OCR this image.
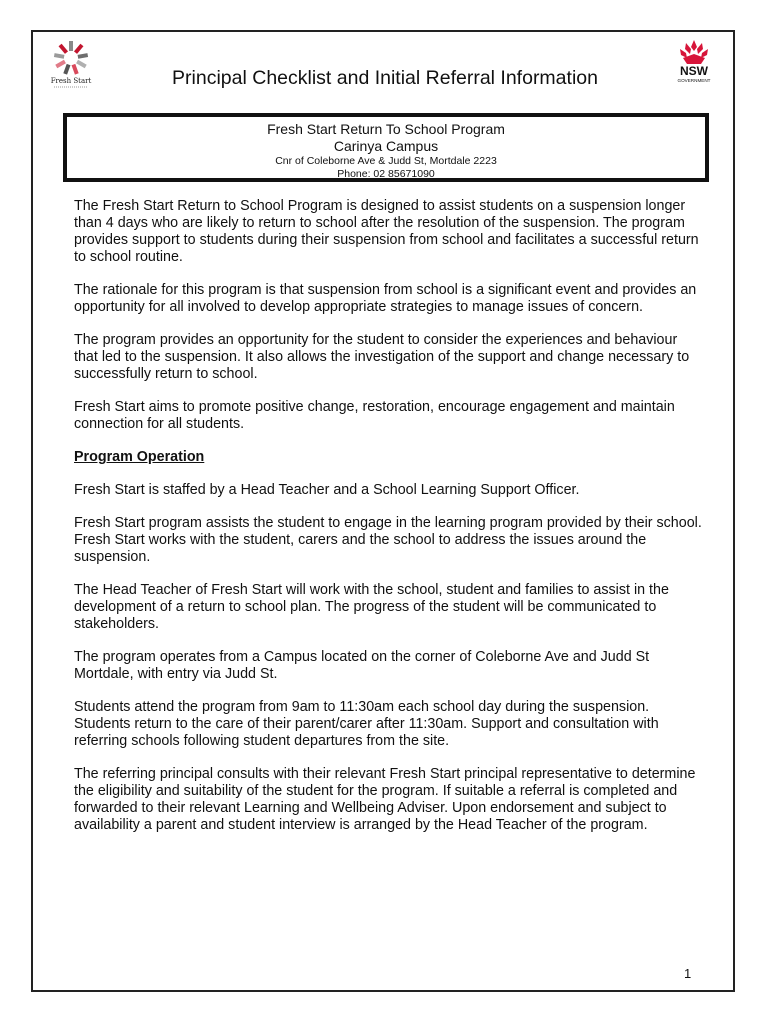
Fresh Start
NSW
GOVERNMENT
Principal Checklist and Initial Referral Information
Fresh Start Return To School Program
Carinya Campus
Cnr of Coleborne Ave & Judd St, Mortdale 2223
Phone: 02 85671090

The Fresh Start Return to School Program is designed to assist students on a suspension longer than 4 days who are likely to return to school after the resolution of the suspension. The program provides support to students during their suspension from school and facilitates a successful return to school routine.

The rationale for this program is that suspension from school is a significant event and provides an opportunity for all involved to develop appropriate strategies to manage issues of concern.

The program provides an opportunity for the student to consider the experiences and behaviour that led to the suspension. It also allows the investigation of the support and change necessary to successfully return to school.

Fresh Start aims to promote positive change, restoration, encourage engagement and maintain connection for all students.

Program Operation

Fresh Start is staffed by a Head Teacher and a School Learning Support Officer.

Fresh Start program assists the student to engage in the learning program provided by their school. Fresh Start works with the student, carers and the school to address the issues around the suspension.

The Head Teacher of Fresh Start will work with the school, student and families to assist in the development of a return to school plan. The progress of the student will be communicated to stakeholders.

The program operates from a Campus located on the corner of Coleborne Ave and Judd St Mortdale, with entry via Judd St.

Students attend the program from 9am to 11:30am each school day during the suspension. Students return to the care of their parent/carer after 11:30am. Support and consultation with referring schools following student departures from the site.

The referring principal consults with their relevant Fresh Start principal representative to determine the eligibility and suitability of the student for the program. If suitable a referral is completed and forwarded to their relevant Learning and Wellbeing Adviser. Upon endorsement and subject to availability a parent and student interview is arranged by the Head Teacher of the program.

1
